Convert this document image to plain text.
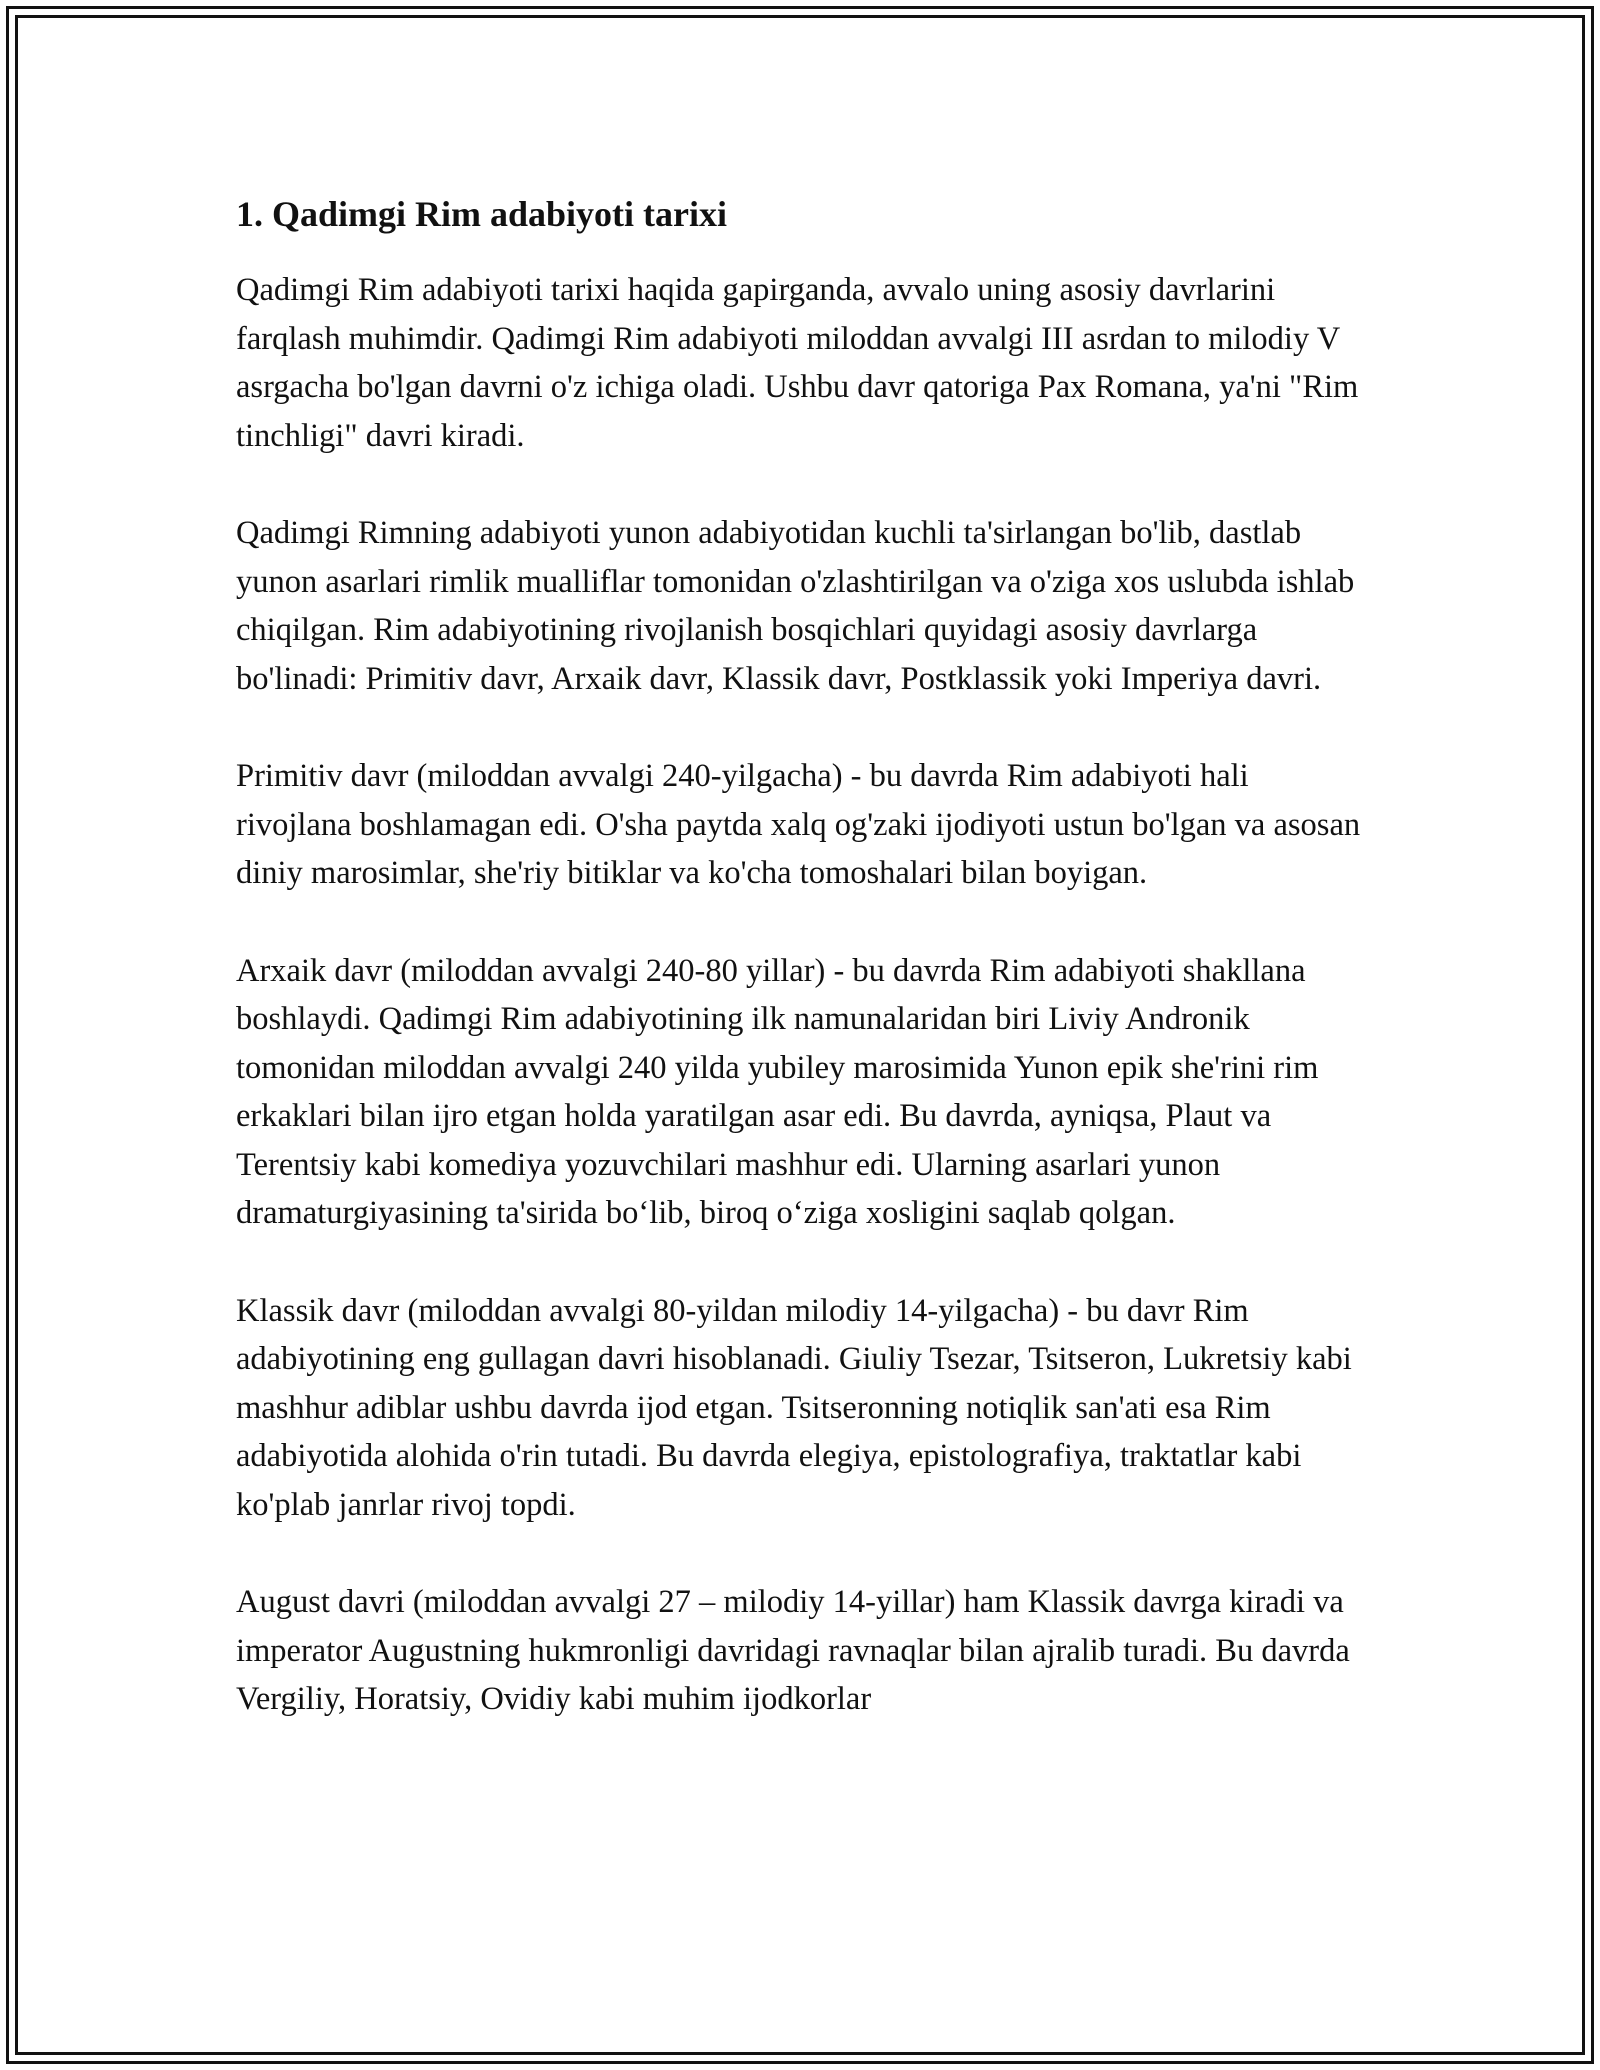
1. Qadimgi Rim adabiyoti tarixi

Qadimgi Rim adabiyoti tarixi haqida gapirganda, avvalo uning asosiy davrlarini farqlash muhimdir. Qadimgi Rim adabiyoti miloddan avvalgi III asrdan to milodiy V asrgacha bo'lgan davrni o'z ichiga oladi. Ushbu davr qatoriga Pax Romana, ya'ni "Rim tinchligi" davri kiradi.

Qadimgi Rimning adabiyoti yunon adabiyotidan kuchli ta'sirlangan bo'lib, dastlab yunon asarlari rimlik mualliflar tomonidan o'zlashtirilgan va o'ziga xos uslubda ishlab chiqilgan. Rim adabiyotining rivojlanish bosqichlari quyidagi asosiy davrlarga bo'linadi: Primitiv davr, Arxaik davr, Klassik davr, Postklassik yoki Imperiya davri.

Primitiv davr (miloddan avvalgi 240-yilgacha) - bu davrda Rim adabiyoti hali rivojlana boshlamagan edi. O'sha paytda xalq og'zaki ijodiyoti ustun bo'lgan va asosan diniy marosimlar, she'riy bitiklar va ko'cha tomoshalari bilan boyigan.

Arxaik davr (miloddan avvalgi 240-80 yillar) - bu davrda Rim adabiyoti shakllana boshlaydi. Qadimgi Rim adabiyotining ilk namunalaridan biri Liviy Andronik tomonidan miloddan avvalgi 240 yilda yubiley marosimida Yunon epik she'rini rim erkaklari bilan ijro etgan holda yaratilgan asar edi. Bu davrda, ayniqsa, Plaut va Terentsiy kabi komediya yozuvchilari mashhur edi. Ularning asarlari yunon dramaturgiyasining ta'sirida bo‘lib, biroq o‘ziga xosligini saqlab qolgan.

Klassik davr (miloddan avvalgi 80-yildan milodiy 14-yilgacha) - bu davr Rim adabiyotining eng gullagan davri hisoblanadi. Giuliy Tsezar, Tsitseron, Lukretsiy kabi mashhur adiblar ushbu davrda ijod etgan. Tsitseronning notiqlik san'ati esa Rim adabiyotida alohida o'rin tutadi. Bu davrda elegiya, epistolografiya, traktatlar kabi ko'plab janrlar rivoj topdi.

August davri (miloddan avvalgi 27 – milodiy 14-yillar) ham Klassik davrga kiradi va imperator Augustning hukmronligi davridagi ravnaqlar bilan ajralib turadi. Bu davrda Vergiliy, Horatsiy, Ovidiy kabi muhim ijodkorlar
